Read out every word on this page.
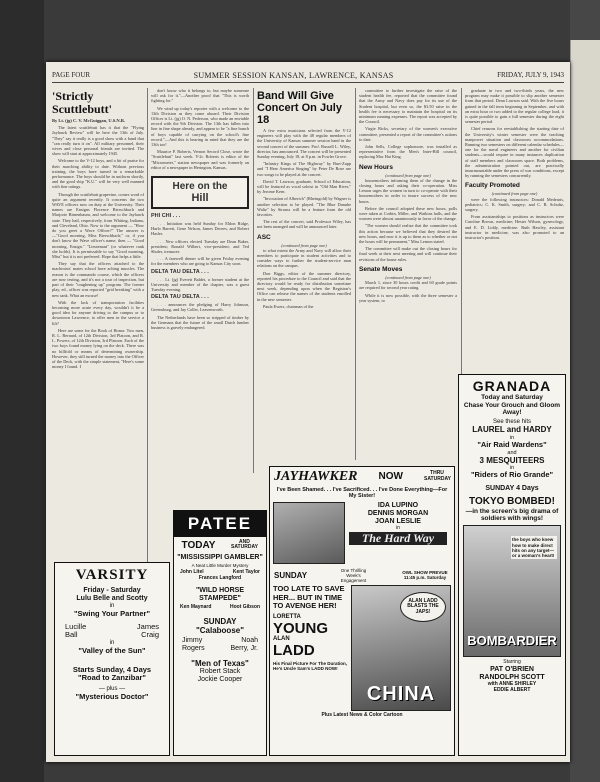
PAGE FOUR	SUMMER SESSION KANSAN, LAWRENCE, KANSAS	FRIDAY, JULY 9, 1943
'Strictly Scuttlebutt'
By Lt. (jg) C. V. McGuiggan, U.S.N.R.

The latest scuttlebutt has it that the "Flying Jayhawk Review" will be here the 13th of July. "They" say it really is a good show with a band that "can really turn it on". All military personnel, their wives and close personal friends are invited. The show will start at approximately 1945.

Welcome to the V-12 boys, and a bit of praise for their marching ability to date. Without previous training, the boys have turned in a remarkable performance. The boys should be in uniform shortly, and the good ship "K.U." will be very well manned with fine ratings.

Through the scuttlebutt grapevine, comes word of quite an argument recently. It concerns the two WAVE officers now on duty at the University. Their names are Ensigns Florence Bierschbach and Marjorie Birnenbaum, and welcome to the Jayhawk state. They hail, respectively, from Whiting, Indiana, and Cleveland, Ohio. Now to the argument — "How do you greet a Wave Officer?" The answer is—"Good morning, Miss Bierschbach;" or, if you don't know the Wave officer's name, then — "Good morning, Ensign." "Lieutenant" (or whatever rank she holds). It is permissable to say "Good morning, Miss" but it is not preferred. Hope that helps a little.

They say that the officers attached to the machinists' mates school have aching muscles. The reason is the commando course, which the officers are now testing, and it's not a tour of inspection, but part of their "toughening up" program. The former play, ed., officer was reported "grid breaking" with a new tank. What an excuse!

With the lack of transportation facilities becoming more acute every day, wouldn't it be a good idea for anyone driving to the campus or to downtown Lawrence, to offer men in the service a lift?

Here are some for the Book of Honor. Two men, R. L. Bernard, of 12th Division, 3rd Platoon, and R. L. Powers, of 12th Division, 3rd Platoon. Each of the two boys found money lying on the deck. There was no billfold or means of determining ownership. However, they still turned the money into the Officer of the Deck, with the simple statement, "Here's some money I found. I

don't know who it belongs to, but maybe someone will ask for it."—Another proof that "This is worth fighting for."

We wind up today's reporter with a welcome to the 13th Division as they come aboard. Their Division Officer is Lt. (jg) O. N. Pederson, who made an enviable record with the 9th Division. The 13th has fallen into line in fine shape already, and appear to be "a fine bunch of boys capable of carrying on the school's fine record."—And this is bearing in mind that they are the 13th too!

Maurice P. Roberts, Vernon Secord Close, wrote the "Scuttlebutt" last week. Y-2c Roberts is editor of the "Micrometer," station newspaper and was formerly an editor of a newspaper in Herington, Kansas.

Here on the
Hill

PHI CHI . . .

. . . Initiation was held Sunday for Eldon Ridge, Harlo Barrett, Gene Nelson, James Decees, and Robert Hasler.

. . . New officers elected Tuesday are Dean Baker, president; Ronald Wilbert, vice-president; and Ted Shuler, treasurer.

. . . A farewell dinner will be given Friday evening for the members who are going to Kansas City soon.

DELTA TAU DELTA . . .

. . . Lt. (jg) Everett Baldet, a former student at the University and member of the chapter, was a guest Tuesday evening.

DELTA TAU DELTA . . .

. . . announces the pledging of Harry Johnson, Greensburg, and Jay Coller, Leavenworth.

The Netherlands have been so stripped of timber by the Germans that the future of the small Dutch lumber business is gravely endangered.

Band Will Give Concert On July 18

A few extra musicians selected from the V-12 engineers will play with the 48 regular members of the University of Kansas summer session band in the second concert of the summer. Prof. Russell L. Wiley, director, has announced. The concert will be presented Sunday evening, July 18, at 8 p.m. in Fowler Grove.

"Infantry Kings of The Highway" by Burt-Zapp and "I Hear America Singing" by Peter De Rose are two songs to be played at the concert.

David T. Lawson, graduate, School of Education, will be featured as vocal soloist in "Old Man River," by Jerome Kern.

"Invocation of Alberich" (Rheingold) by Wagner is another selection to be played. "The Blue Danube Waltz" by Strauss will be a feature from the old favorites.

The rest of the concert, said Professor Wiley, has not been arranged and will be announced later.

ASC
(continued from page one)

to what extent the Army and Navy will allow their members to participate in student activities and to consider ways to further the student-service man relations on the campus.

Don Biggs, editor of the summer directory, reported his procedure to the Council and said that the directory would be ready for distribution sometime next week, depending upon when the Registrar's Office can release the names of the students enrolled in the new semester.

Paula Ewers, chairman of the

committee to further investigate the raise of the student health fee, reported that the committee found that the Army and Navy does pay for its use of the Student hospital, but even so, the $3.50 raise in the health fee is necessary to maintain the hospital on its minimum running expenses. The report was accepted by the Council.

Virgie Ricks, secretary of the women's executive committee, presented a report of the committee's actions to date.

John Sells, College sophomore, was installed as representative from the Men's Inter-Hill council, replacing Mac Hai King.

New Hours
(continued from page one)

housemothers informing them of the change in the closing hours and asking their co-operation. Miss Lemon urges the women in turn to co-operate with their housemothers in order to insure success of the new hours.

Before the council adopted these new hours, polls were taken at Corbin, Miller, and Watkins halls, and the women were almost unanimously in favor of the change.

"The women should realize that the committee took this action because we believed that they desired the new hours, and now it is up to them as to whether or not the hours will be permanent," Miss Lemon stated.

The committee will make out the closing hours for final week at their next meeting and will continue their revisions of the house rules.

Senate Moves
(continued from page one)

March 1, since 30 hours credit and 60 grade points are required for second year rating.

While it is now possible, with the three semester a year system, to

graduate in two and two-thirds years, the new program may make it possible to slip another semester from that period. Dean Lawson said. With the five hours gained in the fall term beginning in September, and with an extra hour or two added to the regular college load, it is quite possible to gain a full semester during the eight semester period.

Chief reasons for reestablishing the starting date of the University's winter semester were the teaching manpower situation and classroom accommodations. Running two semesters on different calendar schedules—one for the naval engineers and another for civilian students—would require in many instances duplication of staff members and classroom space. Both problems, the administration pointed out, are practically insurmountable under the press of war conditions, except by running the semesters concurrently.

Faculty Promoted
(continued from page one)

were the following instructors: Donald Medearis, pediatrics; C. K. Smith, surgery; and C. B. Schultz, surgery.

From assistantships to positions as instructors were Caroline Brown, medicine; Hester Wilson, gynecology, and E. D. Liddy, medicine. Ruth Hawley, assistant instructor in medicine, was also promoted to an instructor's position.

VARSITY
Friday - Saturday
Lulu Belle and Scotty
in
"Swing Your Partner"
Lucille	James
Ball	Craig
in
"Valley of the Sun"
Starts Sunday, 4 Days
"Road to Zanzibar"
— plus —
"Mysterious Doctor"
PATEE
TODAY	AND SATURDAY
"MISSISSIPPI GAMBLER"
A Neat Little Murder Mystery
John Litel	Kent Taylor
Frances Langford
"WILD HORSE STAMPEDE"
Ken Maynard	Hoot Gibson
SUNDAY
"Calaboose"
Jimmy	Noah
Rogers	Berry, Jr.
"Men of Texas"
Robert Stack
Jockie Cooper
JAYHAWKER NOW	THRU SATURDAY
I've Been Shamed. . . I've Sacrificed. . . I've Done Everything—For My Sister!
IDA LUPINO
DENNIS MORGAN
JOAN LESLIE
in
The Hard Way
SUNDAY
One Thrilling Week's Engagement
OWL SHOW PREVUE 11:45 p.m. Saturday
TOO LATE TO SAVE HER... BUT IN TIME TO AVENGE HER!
LORETTA
YOUNG
ALAN
LADD
His Final Picture For The Duration, He's Uncle Sam's LADD NOW!
ALAN LADD BLASTS THE JAPS!
CHINA
Plus Latest News & Color Cartoon
GRANADA
Today and Saturday
Chase Your Grouch and Gloom Away!
See these hits
LAUREL and HARDY
in
"Air Raid Wardens"
and
3 MESQUITEERS
in
"Riders of Rio Grande"
SUNDAY 4 Days
TOKYO BOMBED!
—in the screen's big drama of soldiers with wings!
the boys who knew how to make direct hits on any target—or a woman's heart!
BOMBARDIER
Starring
PAT O'BRIEN
RANDOLPH SCOTT
with ANNE SHIRLEY
EDDIE ALBERT
